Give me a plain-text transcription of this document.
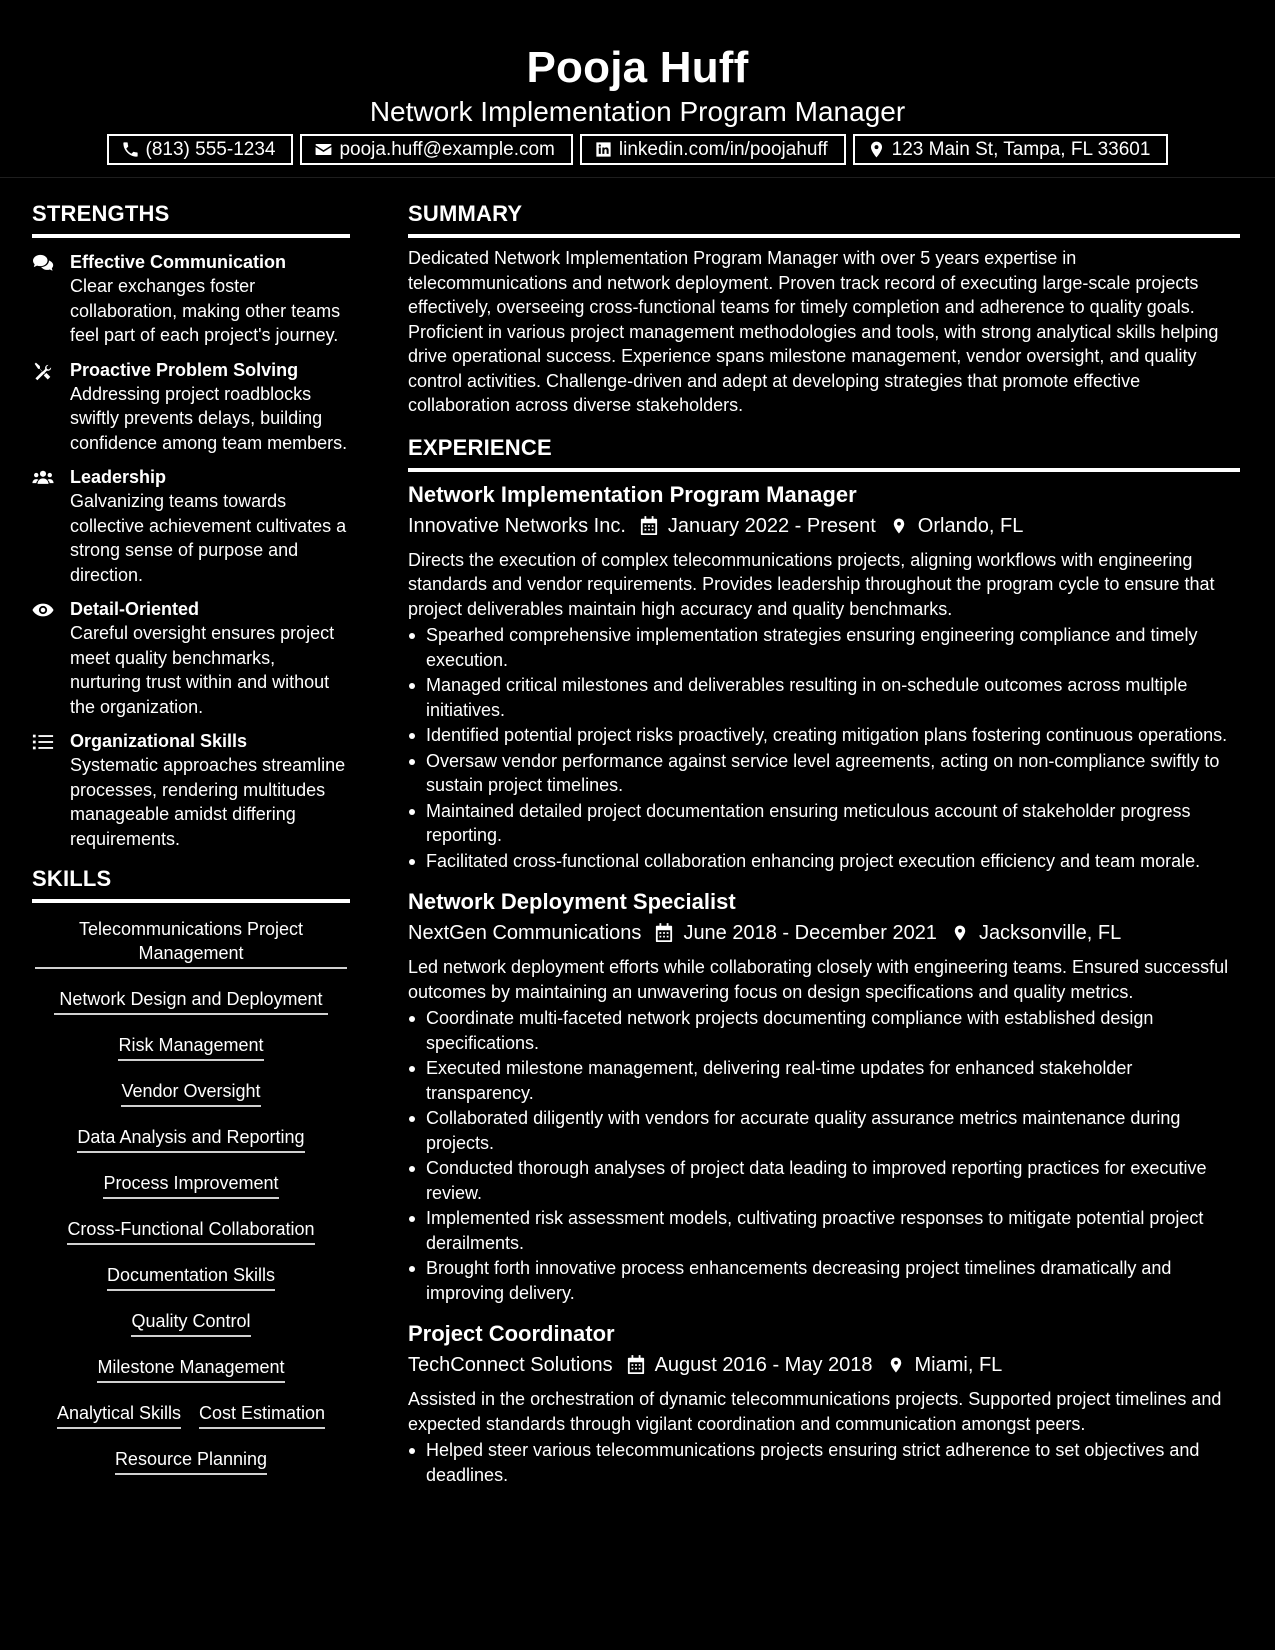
Pooja Huff
Network Implementation Program Manager
(813) 555-1234	pooja.huff@example.com	linkedin.com/in/poojahuff	123 Main St, Tampa, FL 33601
STRENGTHS
Effective Communication
Clear exchanges foster collaboration, making other teams feel part of each project's journey.
Proactive Problem Solving
Addressing project roadblocks swiftly prevents delays, building confidence among team members.
Leadership
Galvanizing teams towards collective achievement cultivates a strong sense of purpose and direction.
Detail-Oriented
Careful oversight ensures project meet quality benchmarks, nurturing trust within and without the organization.
Organizational Skills
Systematic approaches streamline processes, rendering multitudes manageable amidst differing requirements.
SKILLS
Telecommunications Project Management
Network Design and Deployment
Risk Management
Vendor Oversight
Data Analysis and Reporting
Process Improvement
Cross-Functional Collaboration
Documentation Skills
Quality Control
Milestone Management
Analytical Skills Cost Estimation
Resource Planning
SUMMARY
Dedicated Network Implementation Program Manager with over 5 years expertise in telecommunications and network deployment. Proven track record of executing large-scale projects effectively, overseeing cross-functional teams for timely completion and adherence to quality goals. Proficient in various project management methodologies and tools, with strong analytical skills helping drive operational success. Experience spans milestone management, vendor oversight, and quality control activities. Challenge-driven and adept at developing strategies that promote effective collaboration across diverse stakeholders.
EXPERIENCE
Network Implementation Program Manager
Innovative Networks Inc. January 2022 - Present Orlando, FL
Directs the execution of complex telecommunications projects, aligning workflows with engineering standards and vendor requirements. Provides leadership throughout the program cycle to ensure that project deliverables maintain high accuracy and quality benchmarks.
Spearhed comprehensive implementation strategies ensuring engineering compliance and timely execution.
Managed critical milestones and deliverables resulting in on-schedule outcomes across multiple initiatives.
Identified potential project risks proactively, creating mitigation plans fostering continuous operations.
Oversaw vendor performance against service level agreements, acting on non-compliance swiftly to sustain project timelines.
Maintained detailed project documentation ensuring meticulous account of stakeholder progress reporting.
Facilitated cross-functional collaboration enhancing project execution efficiency and team morale.
Network Deployment Specialist
NextGen Communications June 2018 - December 2021 Jacksonville, FL
Led network deployment efforts while collaborating closely with engineering teams. Ensured successful outcomes by maintaining an unwavering focus on design specifications and quality metrics.
Coordinate multi-faceted network projects documenting compliance with established design specifications.
Executed milestone management, delivering real-time updates for enhanced stakeholder transparency.
Collaborated diligently with vendors for accurate quality assurance metrics maintenance during projects.
Conducted thorough analyses of project data leading to improved reporting practices for executive review.
Implemented risk assessment models, cultivating proactive responses to mitigate potential project derailments.
Brought forth innovative process enhancements decreasing project timelines dramatically and improving delivery.
Project Coordinator
TechConnect Solutions August 2016 - May 2018 Miami, FL
Assisted in the orchestration of dynamic telecommunications projects. Supported project timelines and expected standards through vigilant coordination and communication amongst peers.
Helped steer various telecommunications projects ensuring strict adherence to set objectives and deadlines.
